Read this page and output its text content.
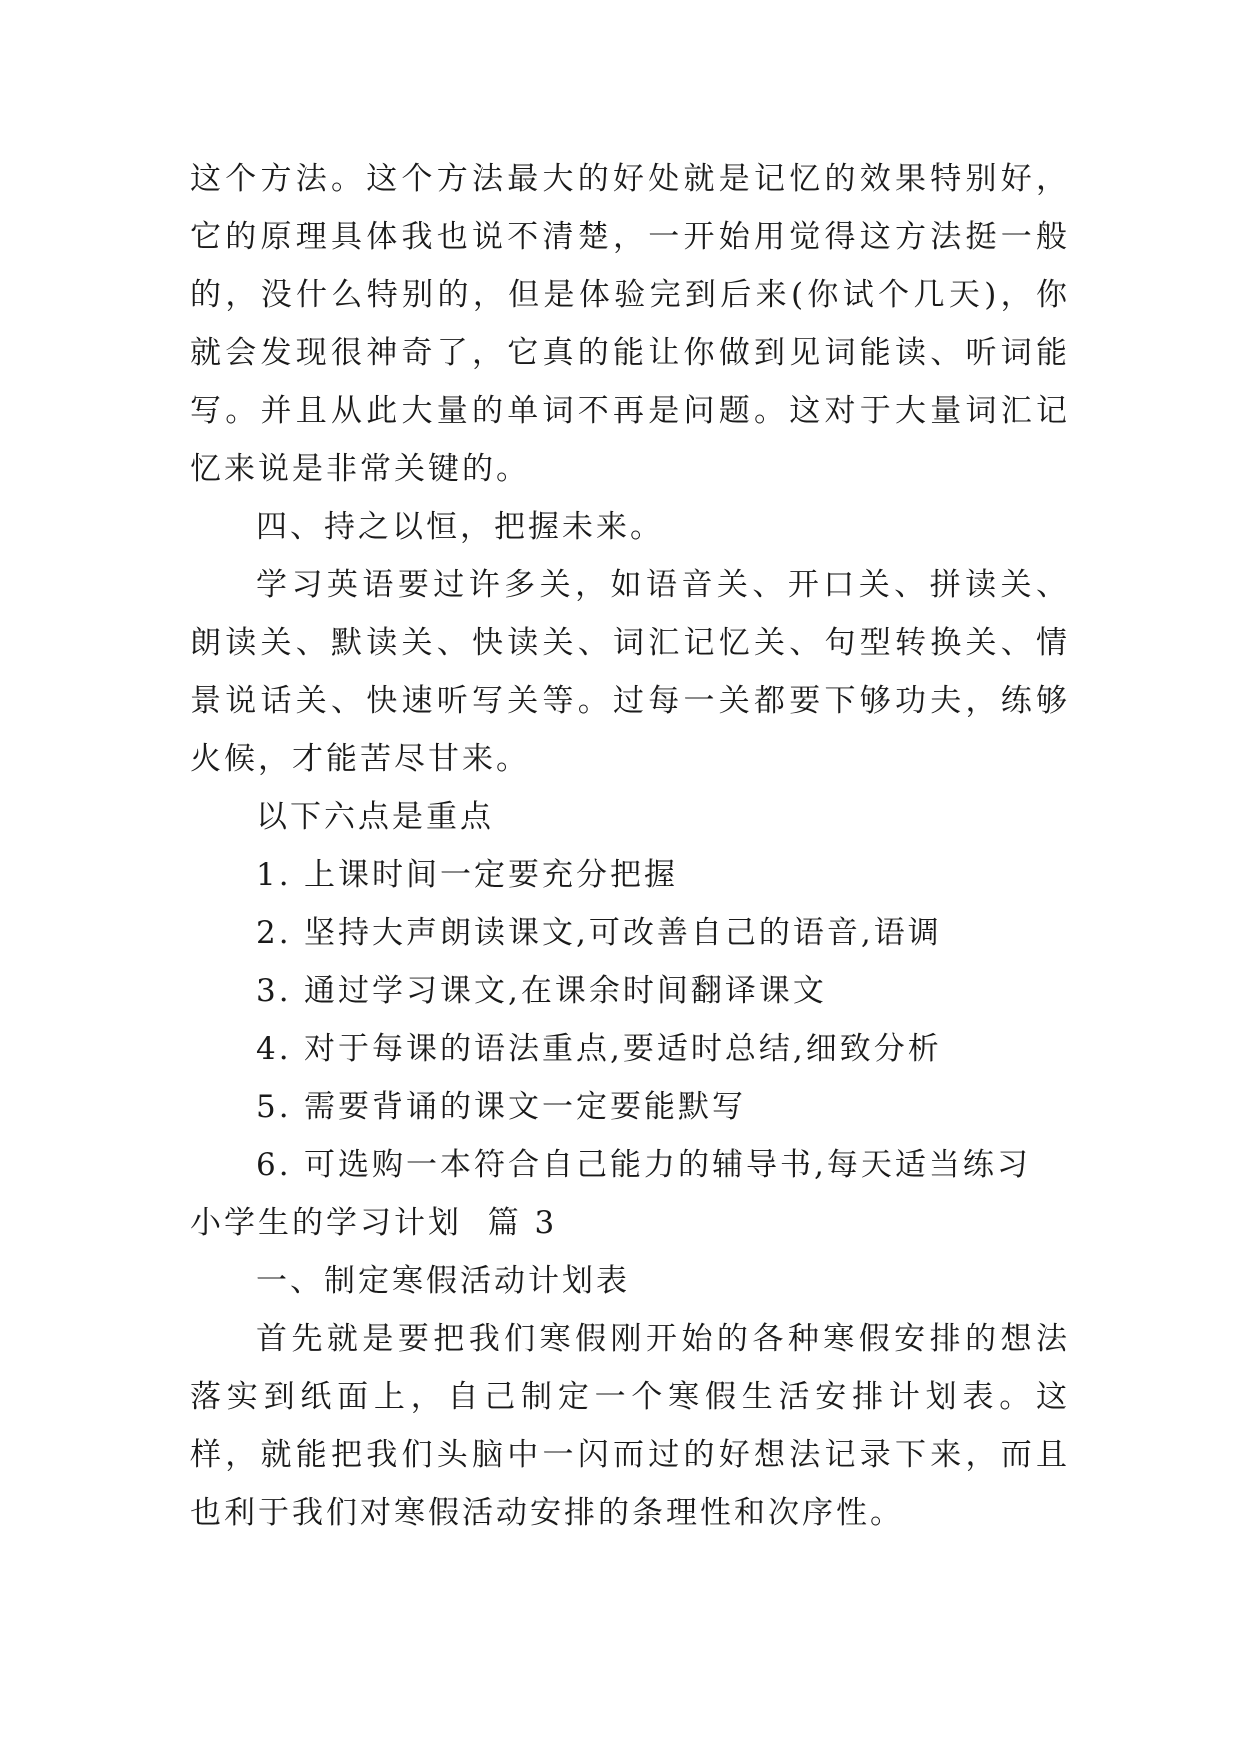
这个方法。这个方法最大的好处就是记忆的效果特别好，它的原理具体我也说不清楚，一开始用觉得这方法挺一般的，没什么特别的，但是体验完到后来(你试个几天)，你就会发现很神奇了，它真的能让你做到见词能读、听词能写。并且从此大量的单词不再是问题。这对于大量词汇记忆来说是非常关键的。

四、持之以恒，把握未来。

学习英语要过许多关，如语音关、开口关、拼读关、朗读关、默读关、快读关、词汇记忆关、句型转换关、情景说话关、快速听写关等。过每一关都要下够功夫，练够火候，才能苦尽甘来。

以下六点是重点

1. 上课时间一定要充分把握

2. 坚持大声朗读课文,可改善自己的语音,语调

3. 通过学习课文,在课余时间翻译课文

4. 对于每课的语法重点,要适时总结,细致分析

5. 需要背诵的课文一定要能默写

6. 可选购一本符合自己能力的辅导书,每天适当练习

小学生的学习计划  篇 3

一、制定寒假活动计划表

首先就是要把我们寒假刚开始的各种寒假安排的想法落实到纸面上，自己制定一个寒假生活安排计划表。这样，就能把我们头脑中一闪而过的好想法记录下来，而且也利于我们对寒假活动安排的条理性和次序性。
